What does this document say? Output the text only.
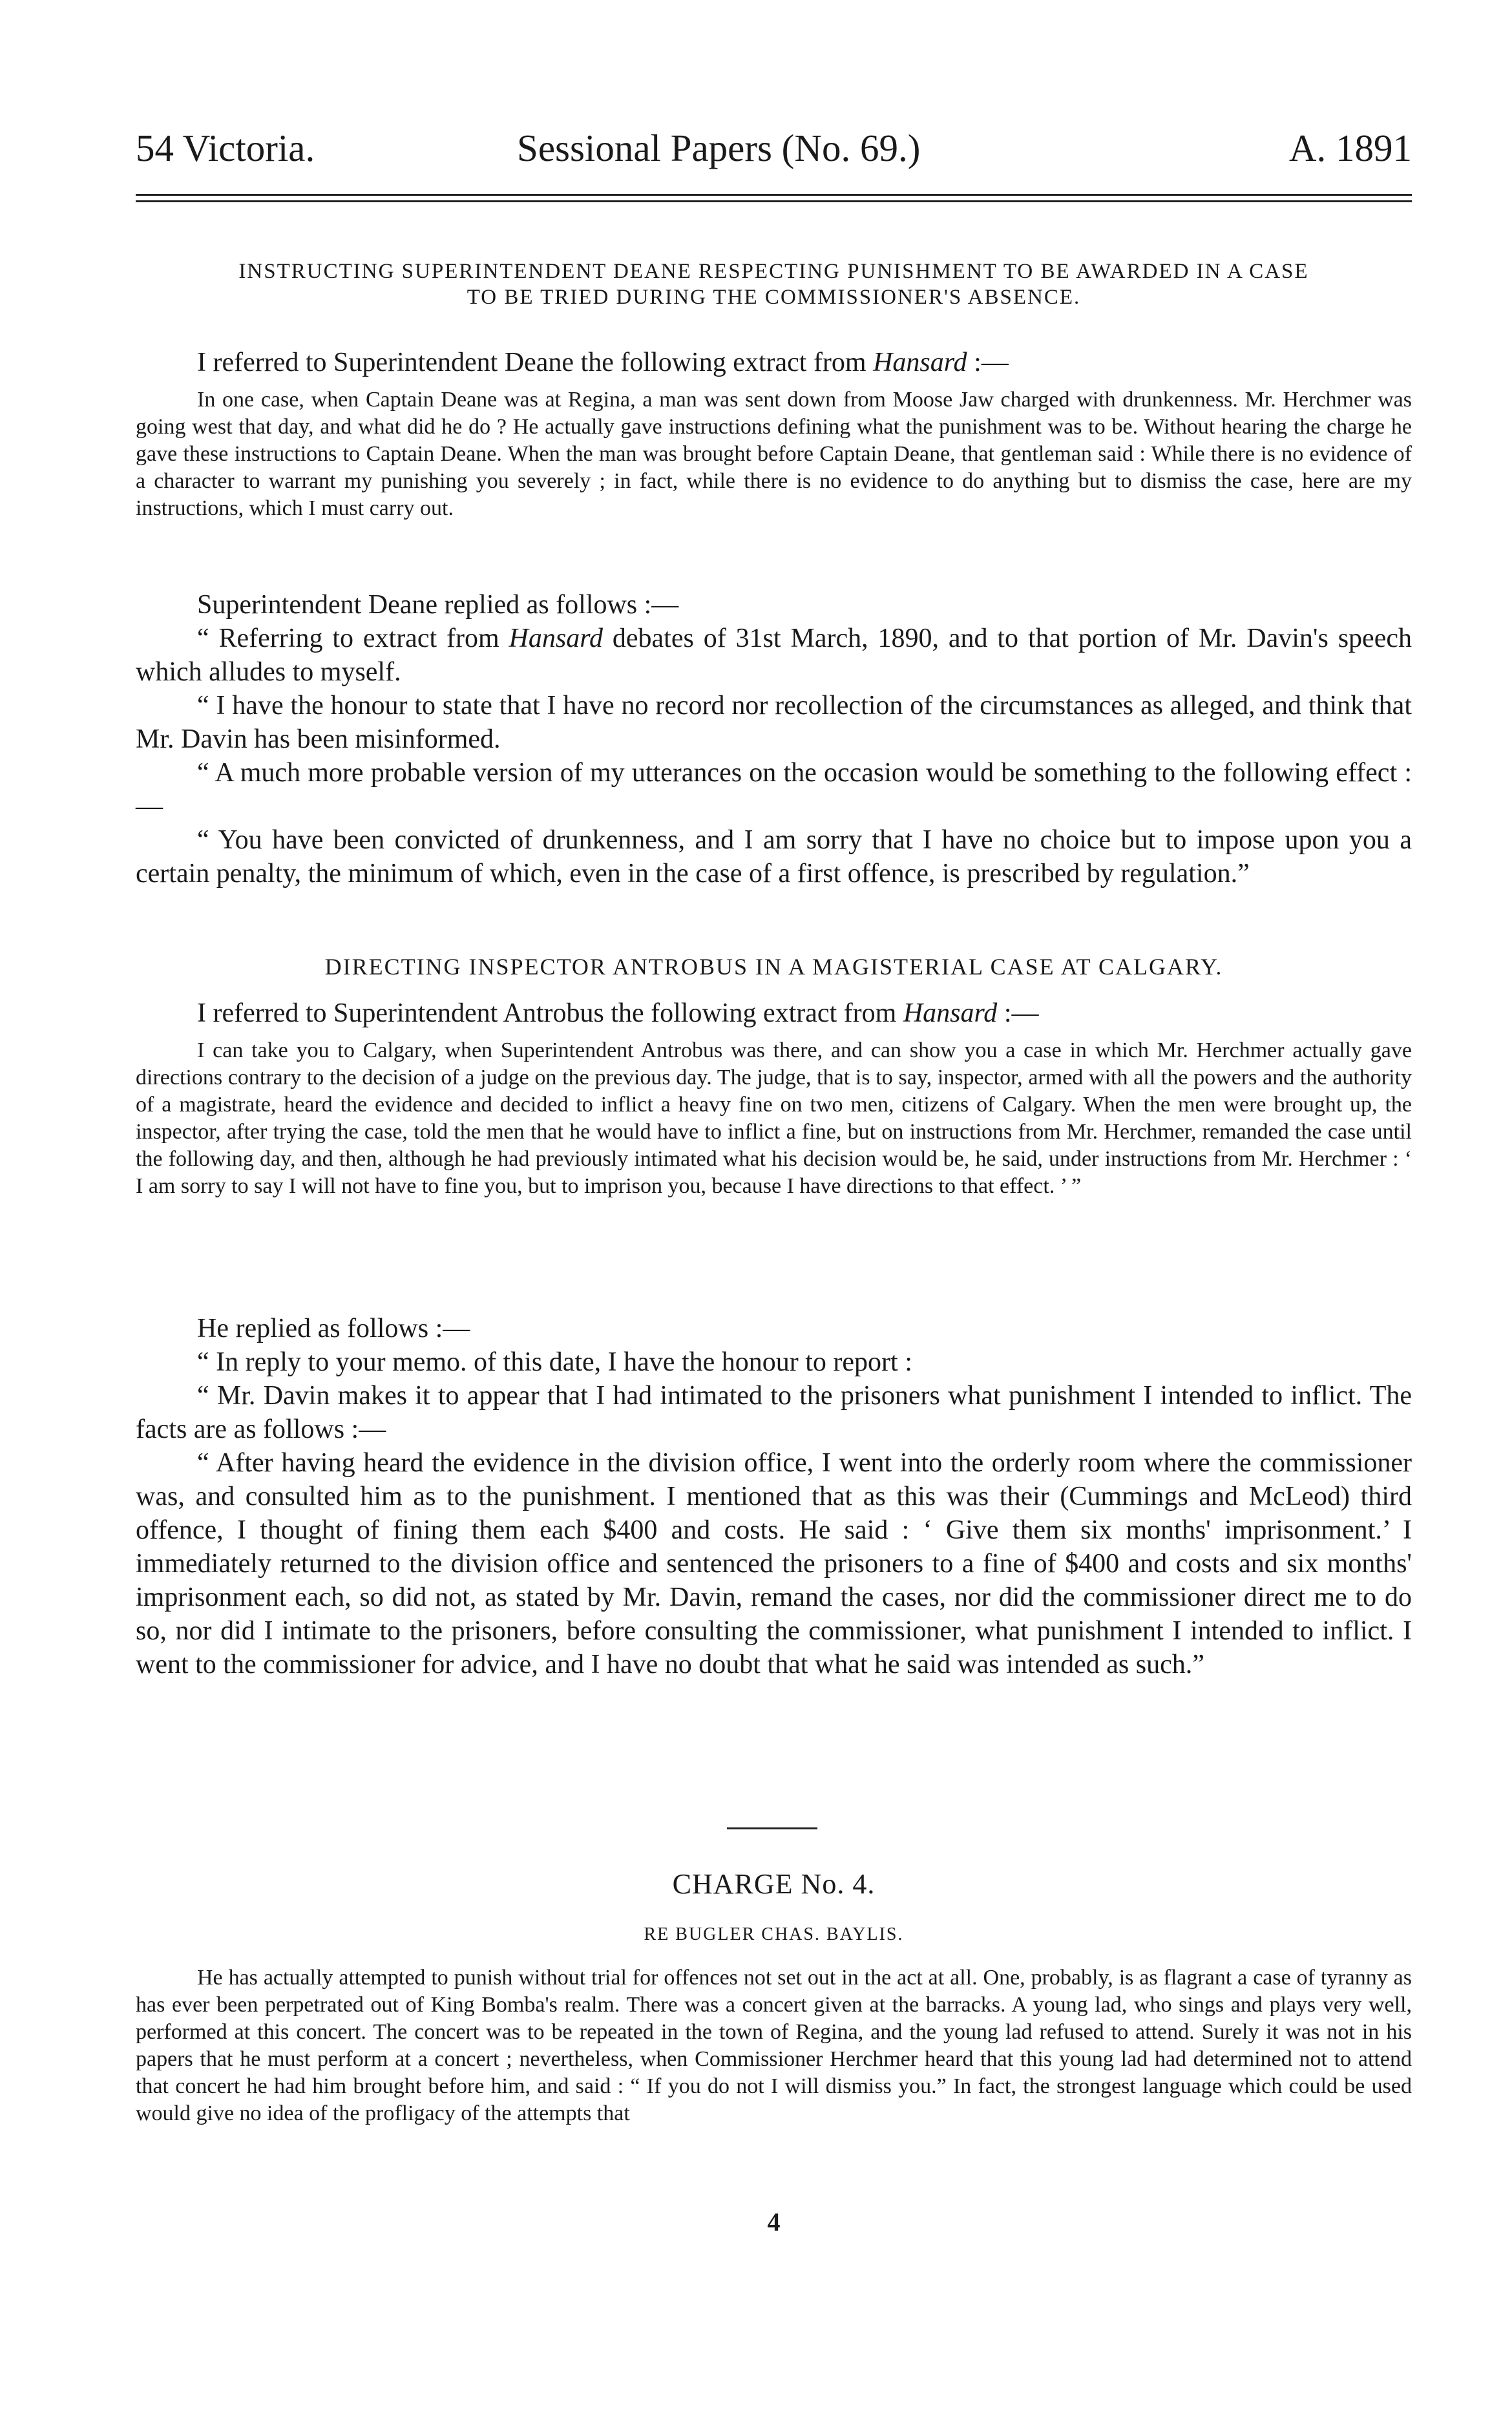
54 Victoria.	Sessional Papers (No. 69.)	A. 1891
INSTRUCTING SUPERINTENDENT DEANE RESPECTING PUNISHMENT TO BE AWARDED IN A CASE
TO BE TRIED DURING THE COMMISSIONER'S ABSENCE.
I referred to Superintendent Deane the following extract from Hansard :—
In one case, when Captain Deane was at Regina, a man was sent down from Moose Jaw charged with drunkenness. Mr. Herchmer was going west that day, and what did he do ? He actually gave instructions defining what the punishment was to be. Without hearing the charge he gave these instructions to Captain Deane. When the man was brought before Captain Deane, that gentleman said : While there is no evidence of a character to warrant my punishing you severely ; in fact, while there is no evidence to do anything but to dismiss the case, here are my instructions, which I must carry out.

Superintendent Deane replied as follows :—

“ Referring to extract from Hansard debates of 31st March, 1890, and to that portion of Mr. Davin's speech which alludes to myself.

“ I have the honour to state that I have no record nor recollection of the circumstances as alleged, and think that Mr. Davin has been misinformed.

“ A much more probable version of my utterances on the occasion would be something to the following effect :—

“ You have been convicted of drunkenness, and I am sorry that I have no choice but to impose upon you a certain penalty, the minimum of which, even in the case of a first offence, is prescribed by regulation.”

DIRECTING INSPECTOR ANTROBUS IN A MAGISTERIAL CASE AT CALGARY.
I referred to Superintendent Antrobus the following extract from Hansard :—
I can take you to Calgary, when Superintendent Antrobus was there, and can show you a case in which Mr. Herchmer actually gave directions contrary to the decision of a judge on the previous day. The judge, that is to say, inspector, armed with all the powers and the authority of a magistrate, heard the evidence and decided to inflict a heavy fine on two men, citizens of Calgary. When the men were brought up, the inspector, after trying the case, told the men that he would have to inflict a fine, but on instructions from Mr. Herchmer, remanded the case until the following day, and then, although he had previously intimated what his decision would be, he said, under instructions from Mr. Herchmer : ‘ I am sorry to say I will not have to fine you, but to imprison you, because I have directions to that effect. ’ ”

He replied as follows :—

“ In reply to your memo. of this date, I have the honour to report :

“ Mr. Davin makes it to appear that I had intimated to the prisoners what punishment I intended to inflict. The facts are as follows :—

“ After having heard the evidence in the division office, I went into the orderly room where the commissioner was, and consulted him as to the punishment. I mentioned that as this was their (Cummings and McLeod) third offence, I thought of fining them each $400 and costs. He said : ‘ Give them six months' imprisonment.’ I immediately returned to the division office and sentenced the prisoners to a fine of $400 and costs and six months' imprisonment each, so did not, as stated by Mr. Davin, remand the cases, nor did the commissioner direct me to do so, nor did I intimate to the prisoners, before consulting the commissioner, what punishment I intended to inflict. I went to the commissioner for advice, and I have no doubt that what he said was intended as such.”

CHARGE No. 4.
RE BUGLER CHAS. BAYLIS.
He has actually attempted to punish without trial for offences not set out in the act at all. One, probably, is as flagrant a case of tyranny as has ever been perpetrated out of King Bomba's realm. There was a concert given at the barracks. A young lad, who sings and plays very well, performed at this concert. The concert was to be repeated in the town of Regina, and the young lad refused to attend. Surely it was not in his papers that he must perform at a concert ; nevertheless, when Commissioner Herchmer heard that this young lad had determined not to attend that concert he had him brought before him, and said : “ If you do not I will dismiss you.” In fact, the strongest language which could be used would give no idea of the profligacy of the attempts that
4
